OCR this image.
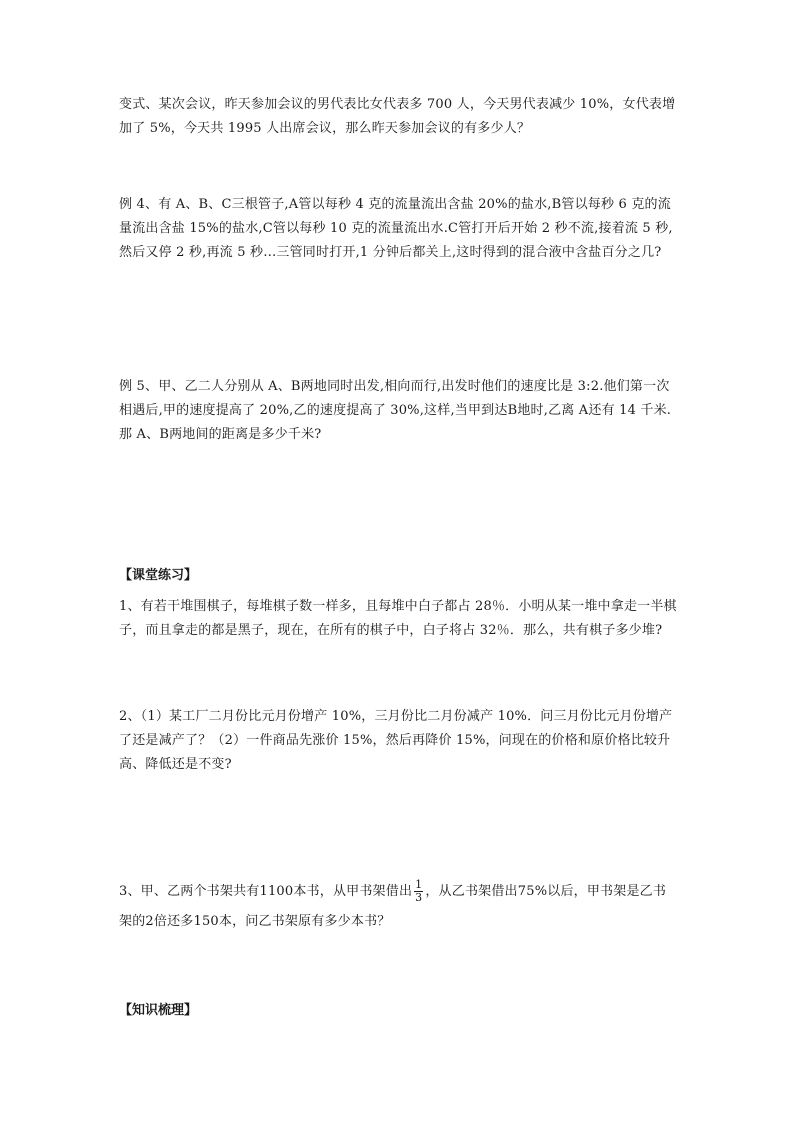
变式、某次会议，昨天参加会议的男代表比女代表多 700 人，今天男代表减少 10%，女代表增加了 5%，今天共 1995 人出席会议，那么昨天参加会议的有多少人？

例 4、有 A、B、C三根管子,A管以每秒 4 克的流量流出含盐 20%的盐水,B管以每秒 6 克的流量流出含盐 15%的盐水,C管以每秒 10 克的流量流出水.C管打开后开始 2 秒不流,接着流 5 秒,然后又停 2 秒,再流 5 秒…三管同时打开,1 分钟后都关上,这时得到的混合液中含盐百分之几?

例 5、甲、乙二人分别从 A、B两地同时出发,相向而行,出发时他们的速度比是 3:2.他们第一次相遇后,甲的速度提高了 20%,乙的速度提高了 30%,这样,当甲到达B地时,乙离 A还有 14 千米.那 A、B两地间的距离是多少千米?

【课堂练习】

1、有若干堆围棋子，每堆棋子数一样多，且每堆中白子都占 28％．小明从某一堆中拿走一半棋子，而且拿走的都是黑子，现在，在所有的棋子中，白子将占 32％．那么，共有棋子多少堆?

2、（1）某工厂二月份比元月份增产 10%，三月份比二月份减产 10%．问三月份比元月份增产了还是减产了？（2）一件商品先涨价 15%，然后再降价 15%，问现在的价格和原价格比较升高、降低还是不变?

3、甲、乙两个书架共有1100本书，从甲书架借出 $\frac{1}{3}$ ，从乙书架借出75%以后，甲书架是乙书架的2倍还多150本，问乙书架原有多少本书？

【知识梳理】
